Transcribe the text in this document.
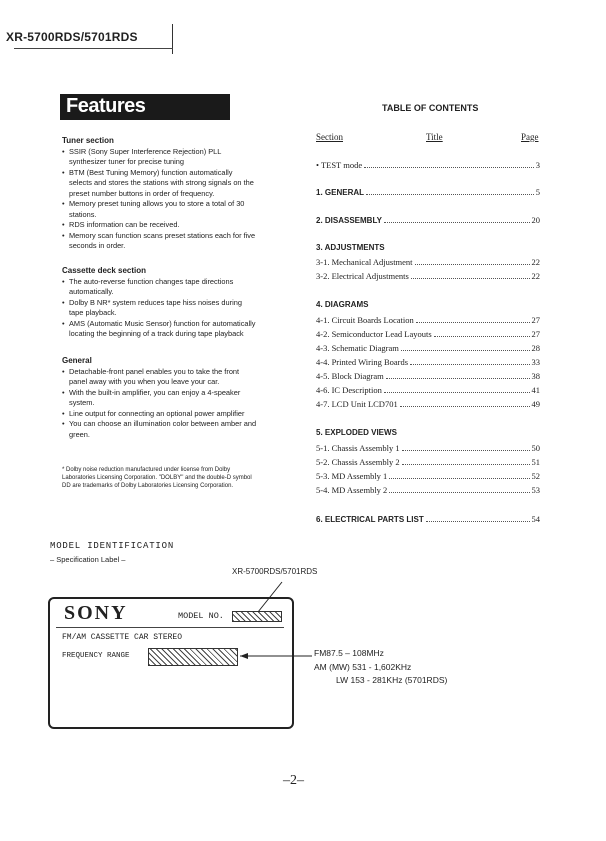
XR-5700RDS/5701RDS
Features
Tuner section
• SSIR (Sony Super Interference Rejection) PLL synthesizer tuner for precise tuning
• BTM (Best Tuning Memory) function automatically selects and stores the stations with strong signals on the preset number buttons in order of frequency.
• Memory preset tuning allows you to store a total of 30 stations.
• RDS information can be received.
• Memory scan function scans preset stations each for five seconds in order.
Cassette deck section
• The auto-reverse function changes tape directions automatically.
• Dolby B NR* system reduces tape hiss noises during tape playback.
• AMS (Automatic Music Sensor) function for automatically locating the beginning of a track during tape playback
General
• Detachable-front panel enables you to take the front panel away with you when you leave your car.
• With the built-in amplifier, you can enjoy a 4-speaker system.
• Line output for connecting an optional power amplifier
• You can choose an illumination color between amber and green.
* Dolby noise reduction manufactured under license from Dolby Laboratories Licensing Corporation. "DOLBY" and the double-D symbol DD are trademarks of Dolby Laboratories Licensing Corporation.
TABLE OF CONTENTS
Section	Title	Page
• TEST mode	3
1. GENERAL	5
2. DISASSEMBLY	20
3. ADJUSTMENTS
3-1. Mechanical Adjustment	22
3-2. Electrical Adjustments	22
4. DIAGRAMS
4-1. Circuit Boards Location	27
4-2. Semiconductor Lead Layouts	27
4-3. Schematic Diagram	28
4-4. Printed Wiring Boards	33
4-5. Block Diagram	38
4-6. IC Description	41
4-7. LCD Unit LCD701	49
5. EXPLODED VIEWS
5-1. Chassis Assembly 1	50
5-2. Chassis Assembly 2	51
5-3. MD Assembly 1	52
5-4. MD Assembly 2	53
6. ELECTRICAL PARTS LIST	54
MODEL IDENTIFICATION
– Specification Label –
XR-5700RDS/5701RDS
SONY	MODEL NO.
FM/AM CASSETTE CAR STEREO
FREQUENCY RANGE	FM87.5 – 108MHz
AM (MW) 531 - 1,602KHz
LW 153 - 281KHz (5701RDS)
–2–
